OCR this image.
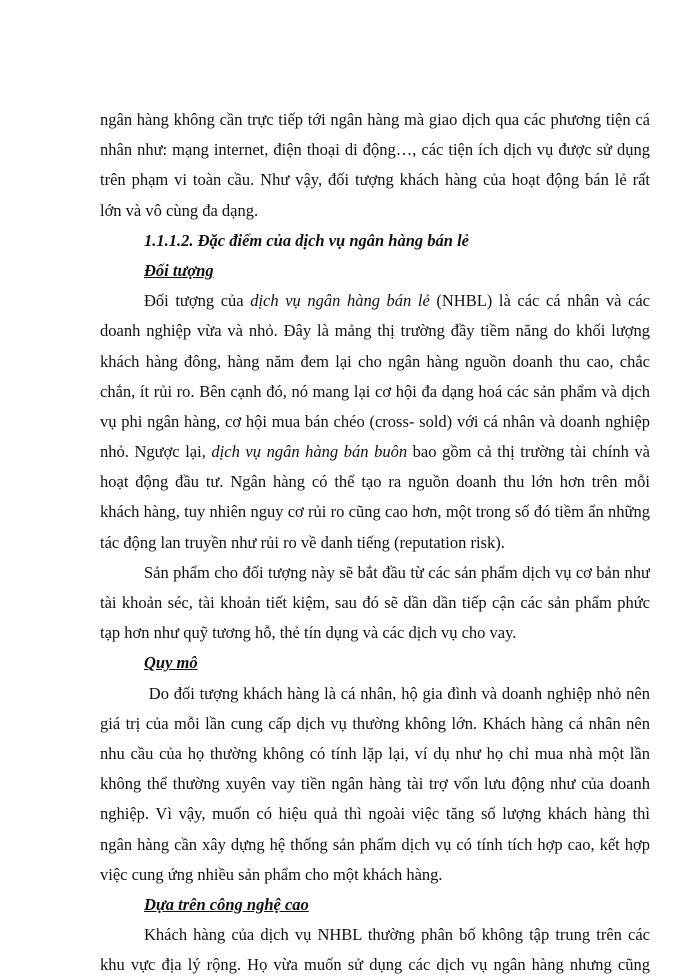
ngân hàng không cần trực tiếp tới ngân hàng mà giao dịch qua các phương tiện cá
nhân như: mạng internet, điện thoại di động…, các tiện ích dịch vụ được sử dụng
trên phạm vi toàn cầu. Như vậy, đối tượng khách hàng của hoạt động bán lẻ rất
lớn và vô cùng đa dạng.
1.1.1.2. Đặc điểm của dịch vụ ngân hàng bán lẻ
Đối tượng
Đối tượng của dịch vụ ngân hàng bán lẻ (NHBL) là các cá nhân và các
doanh nghiệp vừa và nhỏ. Đây là mảng thị trường đầy tiềm năng do khối lượng
khách hàng đông, hàng năm đem lại cho ngân hàng nguồn doanh thu cao, chắc
chắn, ít rủi ro. Bên cạnh đó, nó mang lại cơ hội đa dạng hoá các sản phẩm và dịch
vụ phi ngân hàng, cơ hội mua bán chéo (cross- sold) với cá nhân và doanh nghiệp
nhỏ. Ngược lại, dịch vụ ngân hàng bán buôn bao gồm cả thị trường tài chính và
hoạt động đầu tư. Ngân hàng có thể tạo ra nguồn doanh thu lớn hơn trên mỗi
khách hàng, tuy nhiên nguy cơ rủi ro cũng cao hơn, một trong số đó tiềm ẩn những
tác động lan truyền như rủi ro về danh tiếng (reputation risk).
Sản phẩm cho đối tượng này sẽ bắt đầu từ các sản phẩm dịch vụ cơ bản như
tài khoản séc, tài khoản tiết kiệm, sau đó sẽ dần dần tiếp cận các sản phẩm phức
tạp hơn như quỹ tương hỗ, thẻ tín dụng và các dịch vụ cho vay.
Quy mô
Do đối tượng khách hàng là cá nhân, hộ gia đình và doanh nghiệp nhỏ nên
giá trị của mỗi lần cung cấp dịch vụ thường không lớn. Khách hàng cá nhân nên
nhu cầu của họ thường không có tính lặp lại, ví dụ như họ chỉ mua nhà một lần
không thể thường xuyên vay tiền ngân hàng tài trợ vốn lưu động như của doanh
nghiệp. Vì vậy, muốn có hiệu quả thì ngoài việc tăng số lượng khách hàng thì
ngân hàng cần xây dựng hệ thống sản phẩm dịch vụ có tính tích hợp cao, kết hợp
việc cung ứng nhiều sản phẩm cho một khách hàng.
Dựa trên công nghệ cao
Khách hàng của dịch vụ NHBL thường phân bố không tập trung trên các
khu vực địa lý rộng. Họ vừa muốn sử dụng các dịch vụ ngân hàng nhưng cũng
